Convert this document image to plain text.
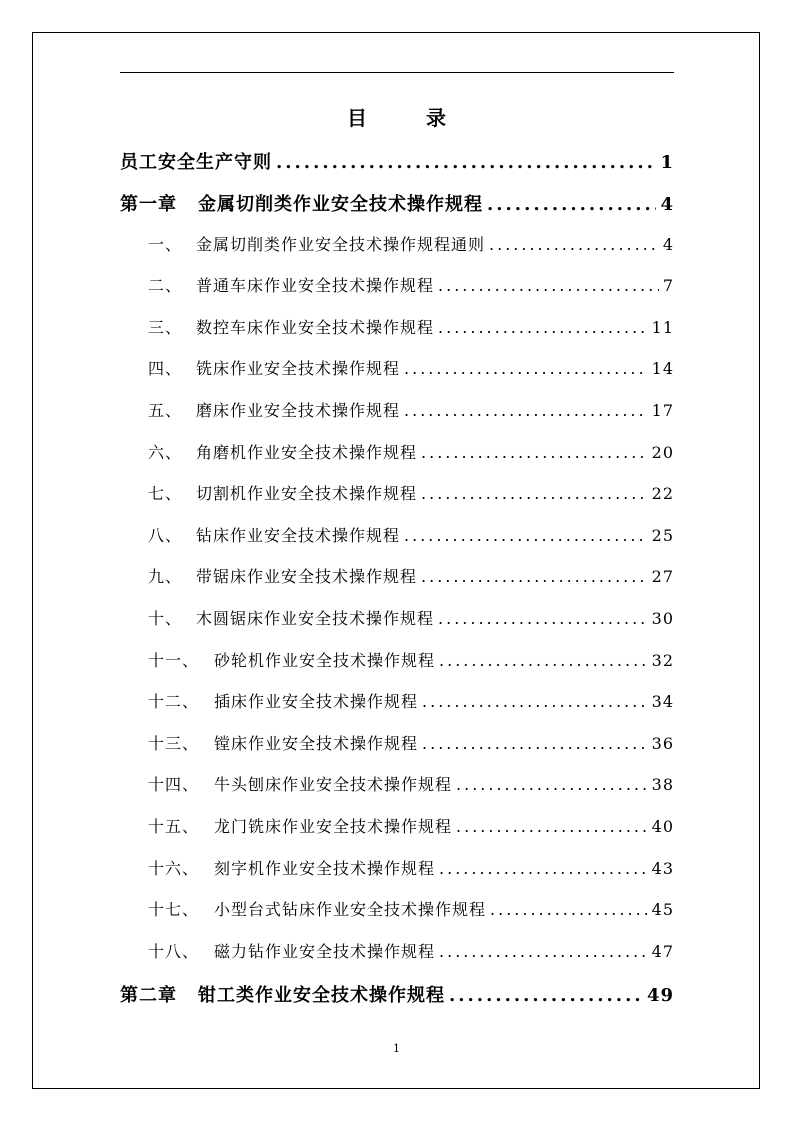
目 录
员工安全生产守则 .....	1
第一章	金属切削类作业安全技术操作规程 .....	4
一、 金属切削类作业安全技术操作规程通则 .....	4
二、 普通车床作业安全技术操作规程 .....	7
三、 数控车床作业安全技术操作规程 .....	11
四、 铣床作业安全技术操作规程 .....	14
五、 磨床作业安全技术操作规程 .....	17
六、 角磨机作业安全技术操作规程 .....	20
七、 切割机作业安全技术操作规程 .....	22
八、 钻床作业安全技术操作规程 .....	25
九、 带锯床作业安全技术操作规程 .....	27
十、 木圆锯床作业安全技术操作规程 .....	30
十一、 砂轮机作业安全技术操作规程 .....	32
十二、 插床作业安全技术操作规程 .....	34
十三、 镗床作业安全技术操作规程 .....	36
十四、 牛头刨床作业安全技术操作规程 .....	38
十五、 龙门铣床作业安全技术操作规程 .....	40
十六、 刻字机作业安全技术操作规程 .....	43
十七、 小型台式钻床作业安全技术操作规程 .....	45
十八、 磁力钻作业安全技术操作规程 .....	47
第二章	钳工类作业安全技术操作规程 .....	49
1
